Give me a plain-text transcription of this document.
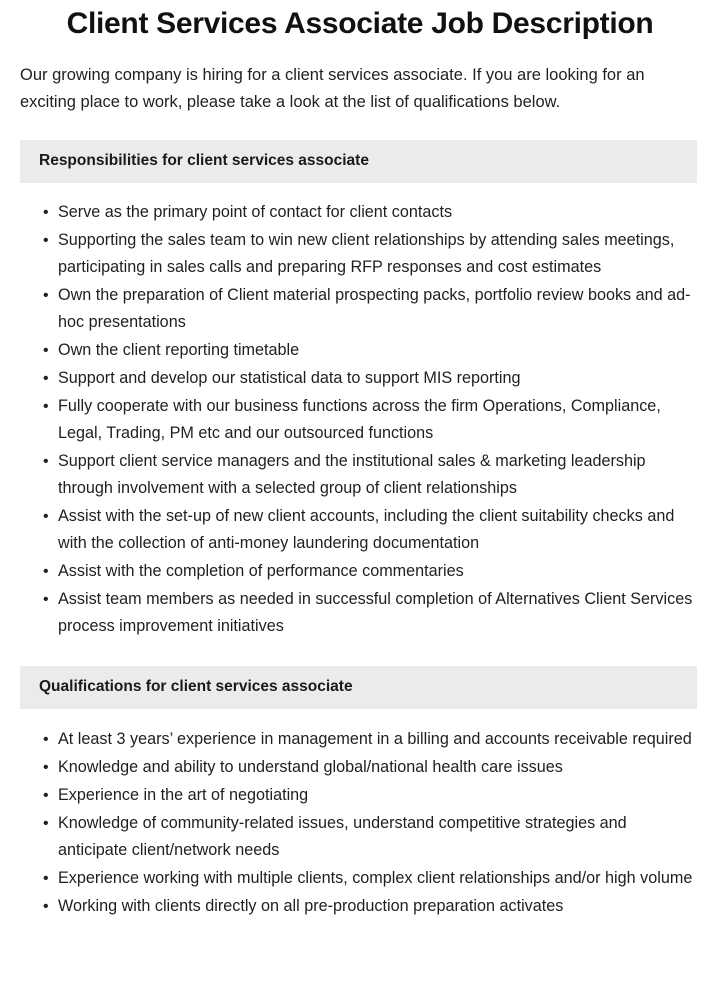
Client Services Associate Job Description

Our growing company is hiring for a client services associate. If you are looking for an exciting place to work, please take a look at the list of qualifications below.

Responsibilities for client services associate
• Serve as the primary point of contact for client contacts
• Supporting the sales team to win new client relationships by attending sales meetings, participating in sales calls and preparing RFP responses and cost estimates
• Own the preparation of Client material prospecting packs, portfolio review books and ad-hoc presentations
• Own the client reporting timetable
• Support and develop our statistical data to support MIS reporting
• Fully cooperate with our business functions across the firm Operations, Compliance, Legal, Trading, PM etc and our outsourced functions
• Support client service managers and the institutional sales & marketing leadership through involvement with a selected group of client relationships
• Assist with the set-up of new client accounts, including the client suitability checks and with the collection of anti-money laundering documentation
• Assist with the completion of performance commentaries
• Assist team members as needed in successful completion of Alternatives Client Services process improvement initiatives
Qualifications for client services associate
• At least 3 years’ experience in management in a billing and accounts receivable required
• Knowledge and ability to understand global/national health care issues
• Experience in the art of negotiating
• Knowledge of community-related issues, understand competitive strategies and anticipate client/network needs
• Experience working with multiple clients, complex client relationships and/or high volume
• Working with clients directly on all pre-production preparation activates
